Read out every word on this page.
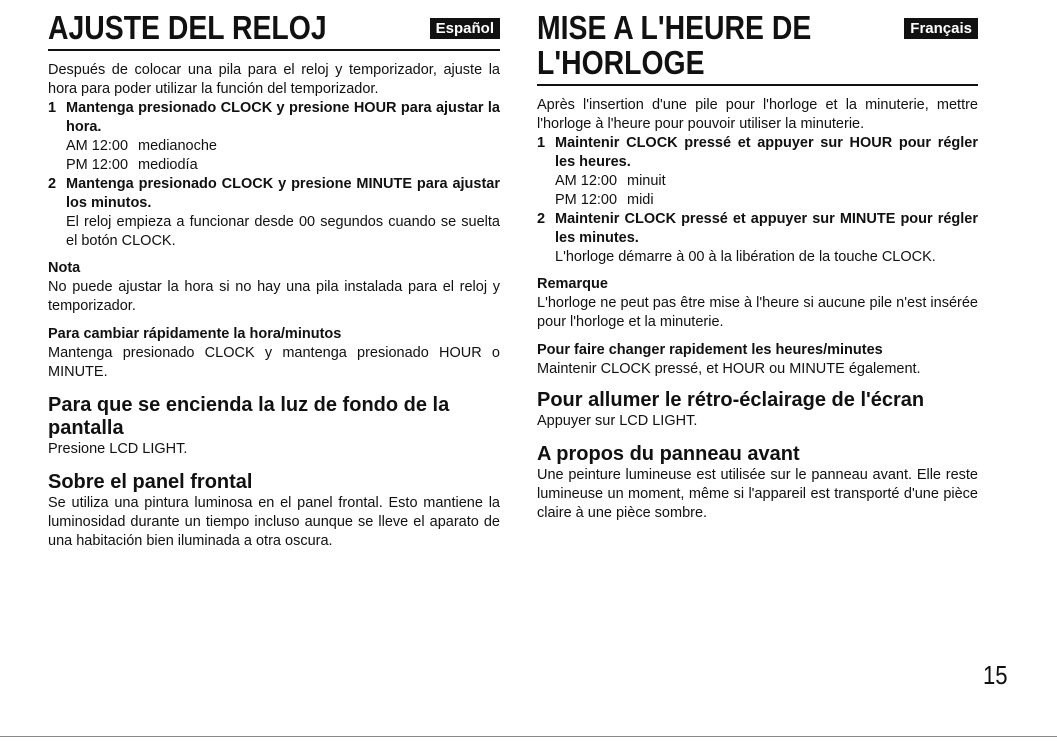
AJUSTE DEL RELOJ	Español

Después de colocar una pila para el reloj y temporizador, ajuste la hora para poder utilizar la función del temporizador.

1 Mantenga presionado CLOCK y presione HOUR para ajustar la hora.
AM 12:00 medianoche
PM 12:00 mediodía
2 Mantenga presionado CLOCK y presione MINUTE para ajustar los minutos.

El reloj empieza a funcionar desde 00 segundos cuando se suelta el botón CLOCK.

Nota

No puede ajustar la hora si no hay una pila instalada para el reloj y temporizador.

Para cambiar rápidamente la hora/minutos

Mantenga presionado CLOCK y mantenga presionado HOUR o MINUTE.

Para que se encienda la luz de fondo de la pantalla

Presione LCD LIGHT.

Sobre el panel frontal

Se utiliza una pintura luminosa en el panel frontal. Esto mantiene la luminosidad durante un tiempo incluso aunque se lleve el aparato de una habitación bien iluminada a otra oscura.

MISE A L'HEURE DE
L'HORLOGE
Français

Après l'insertion d'une pile pour l'horloge et la minuterie, mettre l'horloge à l'heure pour pouvoir utiliser la minuterie.

1 Maintenir CLOCK pressé et appuyer sur HOUR pour régler les heures.
AM 12:00 minuit
PM 12:00 midi
2 Maintenir CLOCK pressé et appuyer sur MINUTE pour régler les minutes.

L'horloge démarre à 00 à la libération de la touche CLOCK.

Remarque

L'horloge ne peut pas être mise à l'heure si aucune pile n'est insérée pour l'horloge et la minuterie.

Pour faire changer rapidement les heures/minutes

Maintenir CLOCK pressé, et HOUR ou MINUTE également.

Pour allumer le rétro-éclairage de l'écran

Appuyer sur LCD LIGHT.

A propos du panneau avant

Une peinture lumineuse est utilisée sur le panneau avant. Elle reste lumineuse un moment, même si l'appareil est transporté d'une pièce claire à une pièce sombre.

15
